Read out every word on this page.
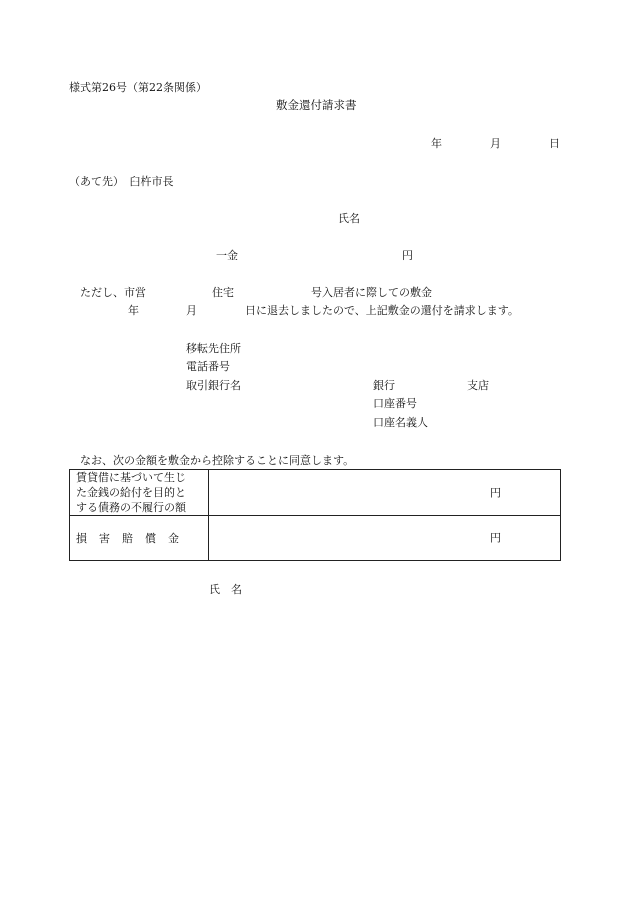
様式第26号（第22条関係）
敷金還付請求書
年	月	日
（あて先）　臼杵市長
氏名
一金	円
ただし、市営　　　　　　住宅　　　　　　　号入居者に際しての敷金
年	月	日に退去しましたので、上記敷金の還付を請求します。
移転先住所
電話番号
取引銀行名	銀行	支店
口座番号
口座名義人
なお、次の金額を敷金から控除することに同意します。
賃貸借に基づいて生じ
た金銭の給付を目的と
する債務の不履行の額	円

損害賠償金	円
氏　名
